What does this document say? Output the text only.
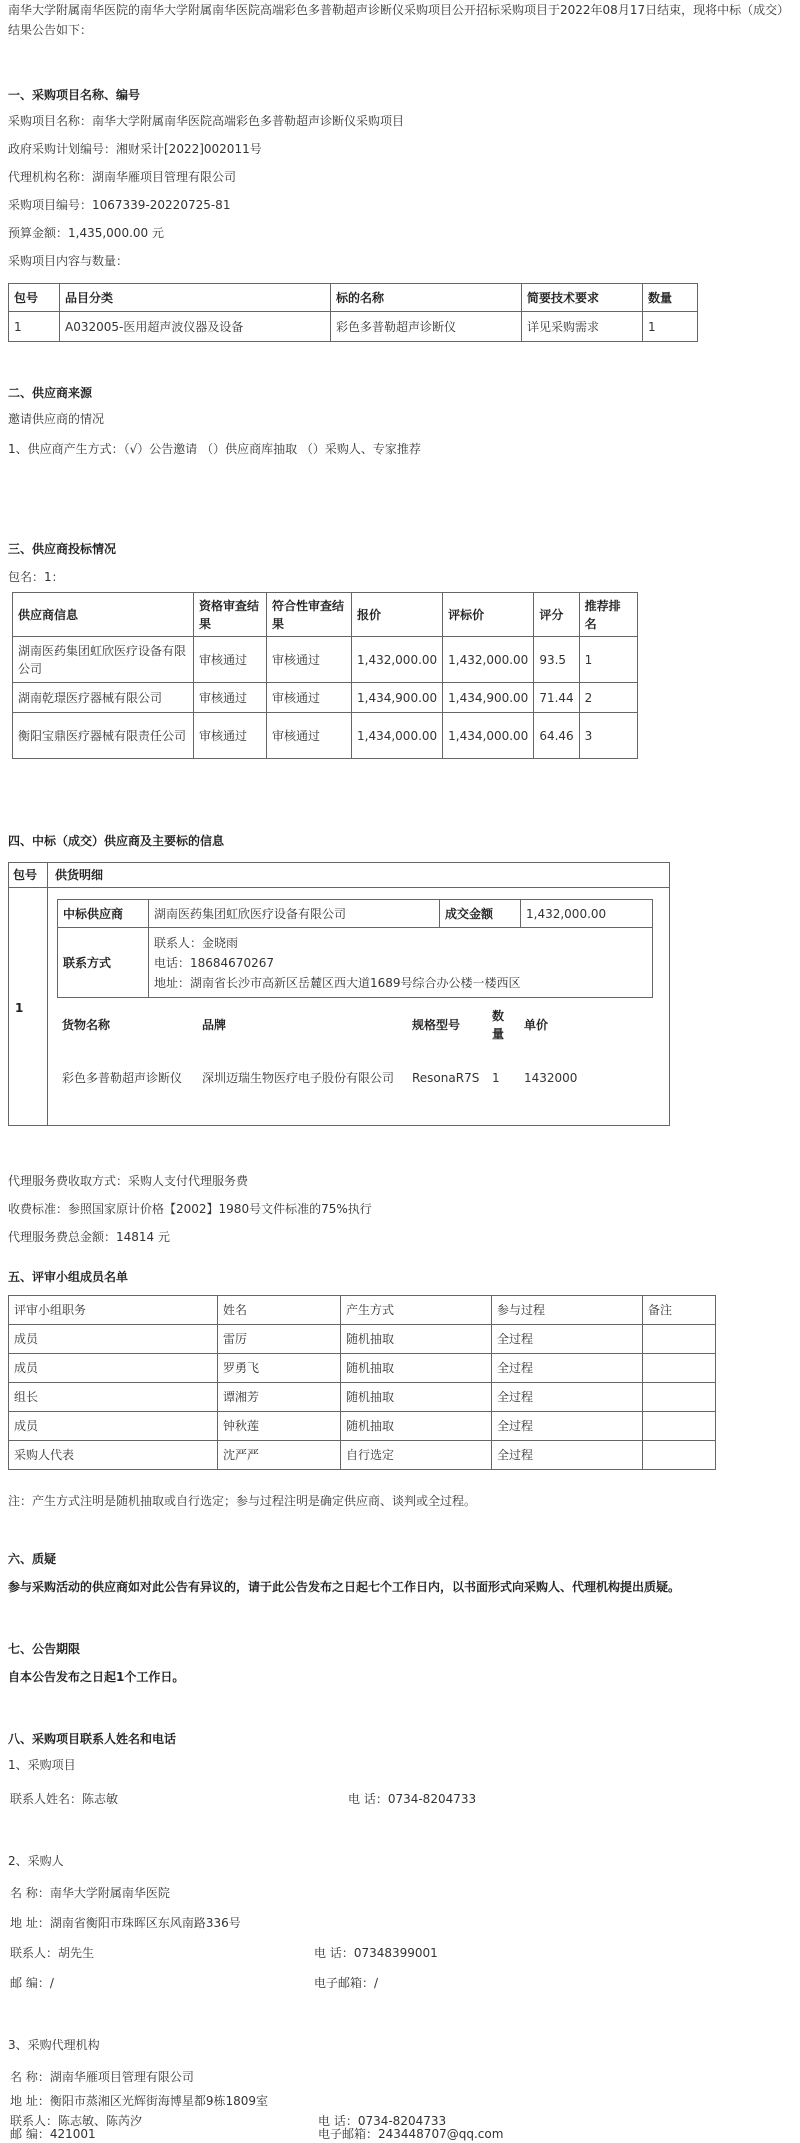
南华大学附属南华医院的南华大学附属南华医院高端彩色多普勒超声诊断仪采购项目公开招标采购项目于2022年08月17日结束，现将中标（成交）结果公告如下：
一、采购项目名称、编号
采购项目名称：南华大学附属南华医院高端彩色多普勒超声诊断仪采购项目
政府采购计划编号：湘财采计[2022]002011号
代理机构名称：湖南华雁项目管理有限公司
采购项目编号：1067339-20220725-81
预算金额：1,435,000.00 元
采购项目内容与数量：
包号	品目分类	标的名称	简要技术要求	数量
1	A032005-医用超声波仪器及设备	彩色多普勒超声诊断仪	详见采购需求	1
二、供应商来源
邀请供应商的情况
1、供应商产生方式：（√）公告邀请 （）供应商库抽取 （）采购人、专家推荐
三、供应商投标情况
包名：1：
供应商信息	资格审查结果	符合性审查结果	报价	评标价	评分	推荐排名
湖南医药集团虹欣医疗设备有限公司	审核通过	审核通过	1,432,000.00	1,432,000.00	93.5	1
湖南乾璟医疗器械有限公司	审核通过	审核通过	1,434,900.00	1,434,900.00	71.44	2
衡阳宝鼎医疗器械有限责任公司	审核通过	审核通过	1,434,000.00	1,434,000.00	64.46	3
四、中标（成交）供应商及主要标的信息
包号 供货明细
1
中标供应商	湖南医药集团虹欣医疗设备有限公司	成交金额	1,432,000.00
联系方式	联系人：金晓雨
电话：18684670267
地址：湖南省长沙市高新区岳麓区西大道1689号综合办公楼一楼西区		
货物名称	品牌	规格型号	数量	单价
彩色多普勒超声诊断仪	深圳迈瑞生物医疗电子股份有限公司	ResonaR7S	1	1432000
代理服务费收取方式：采购人支付代理服务费
收费标准：参照国家原计价格【2002】1980号文件标准的75%执行
代理服务费总金额：14814 元
五、评审小组成员名单
评审小组职务	姓名	产生方式	参与过程	备注
成员	雷厉	随机抽取	全过程	
成员	罗勇飞	随机抽取	全过程	
组长	谭湘芳	随机抽取	全过程	
成员	钟秋莲	随机抽取	全过程	
采购人代表	沈严严	自行选定	全过程	
注：产生方式注明是随机抽取或自行选定；参与过程注明是确定供应商、谈判或全过程。
六、质疑
参与采购活动的供应商如对此公告有异议的，请于此公告发布之日起七个工作日内，以书面形式向采购人、代理机构提出质疑。
七、公告期限
自本公告发布之日起1个工作日。
八、采购项目联系人姓名和电话
1、采购项目
联系人姓名：陈志敏	电 话：0734-8204733
2、采购人
名 称：南华大学附属南华医院
地 址：湖南省衡阳市珠晖区东风南路336号
联系人：胡先生	电 话：07348399001
邮 编：/	电子邮箱：/
3、采购代理机构
名 称：湖南华雁项目管理有限公司
地 址：衡阳市蒸湘区光辉街海博星都9栋1809室
联系人：陈志敏、陈芮汐	电 话：0734-8204733
邮 编：421001	电子邮箱：243448707@qq.com
